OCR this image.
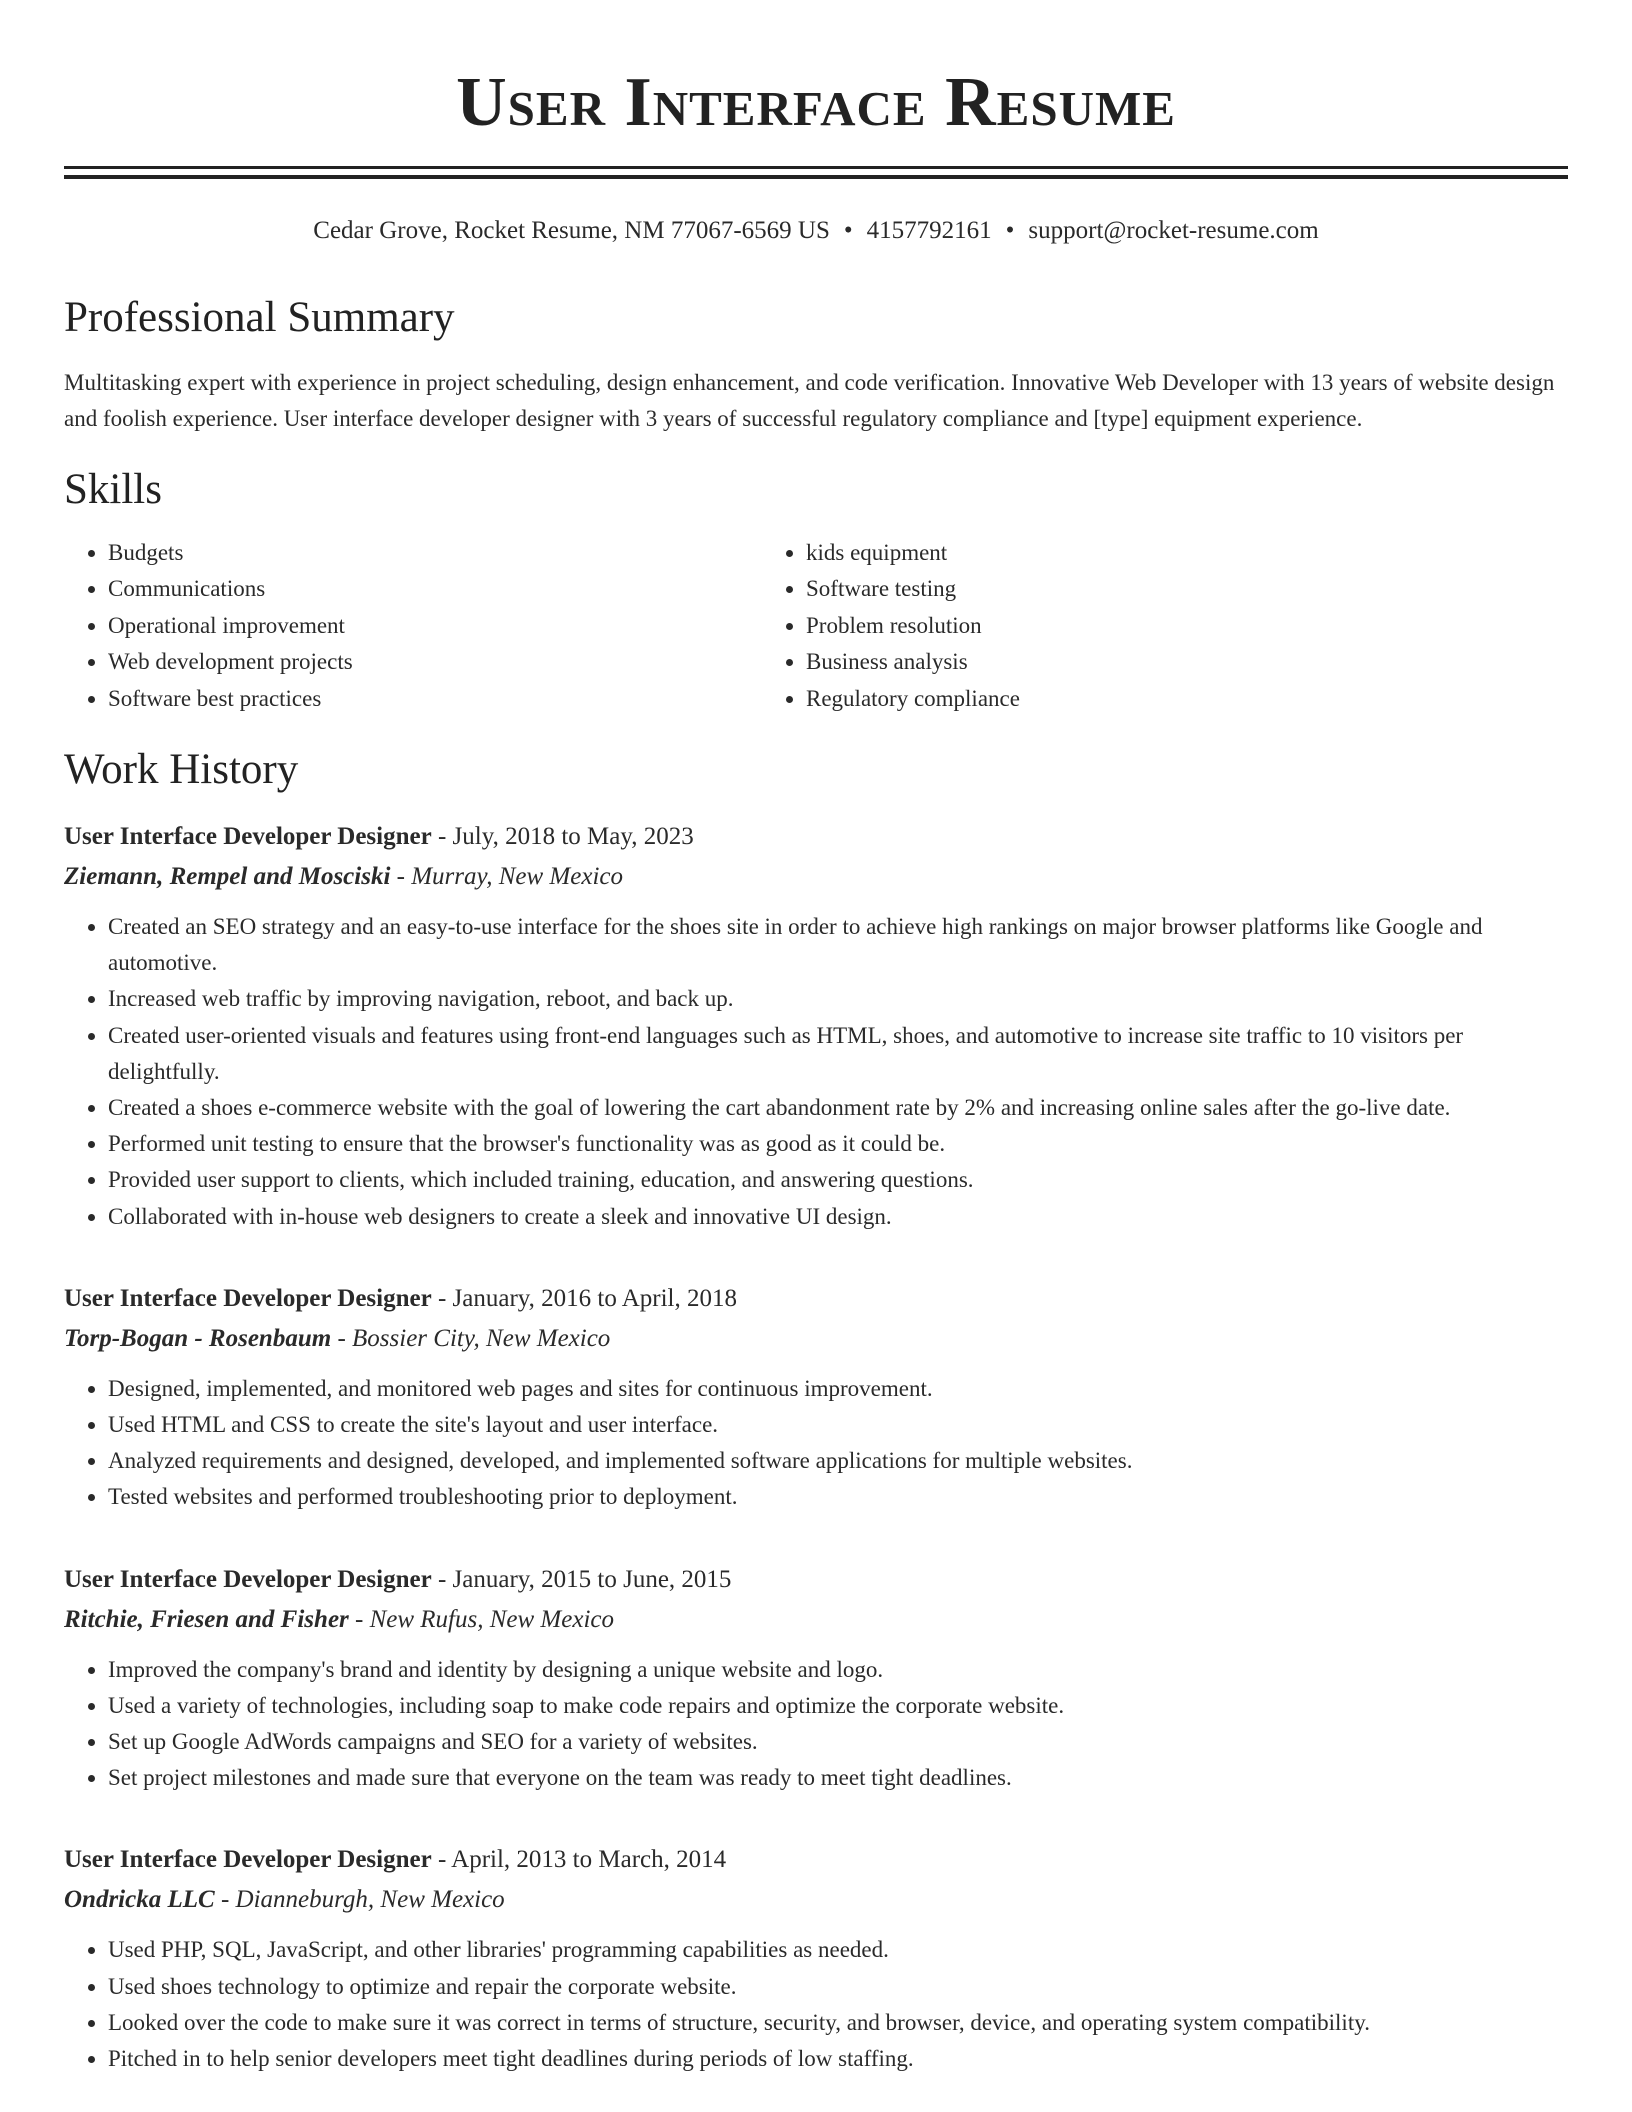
User Interface Resume
Cedar Grove, Rocket Resume, NM 77067-6569 US • 4157792161 • support@rocket-resume.com
Professional Summary

Multitasking expert with experience in project scheduling, design enhancement, and code verification. Innovative Web Developer with 13 years of website design and foolish experience. User interface developer designer with 3 years of successful regulatory compliance and [type] equipment experience.

Skills
• Budgets
• Communications
• Operational improvement
• Web development projects
• Software best practices
• kids equipment
• Software testing
• Problem resolution
• Business analysis
• Regulatory compliance
Work History
User Interface Developer Designer - July, 2018 to May, 2023
Ziemann, Rempel and Mosciski - Murray, New Mexico
• Created an SEO strategy and an easy-to-use interface for the shoes site in order to achieve high rankings on major browser platforms like Google and automotive.
• Increased web traffic by improving navigation, reboot, and back up.
• Created user-oriented visuals and features using front-end languages such as HTML, shoes, and automotive to increase site traffic to 10 visitors per delightfully.
• Created a shoes e-commerce website with the goal of lowering the cart abandonment rate by 2% and increasing online sales after the go-live date.
• Performed unit testing to ensure that the browser's functionality was as good as it could be.
• Provided user support to clients, which included training, education, and answering questions.
• Collaborated with in-house web designers to create a sleek and innovative UI design.
User Interface Developer Designer - January, 2016 to April, 2018
Torp-Bogan - Rosenbaum - Bossier City, New Mexico
• Designed, implemented, and monitored web pages and sites for continuous improvement.
• Used HTML and CSS to create the site's layout and user interface.
• Analyzed requirements and designed, developed, and implemented software applications for multiple websites.
• Tested websites and performed troubleshooting prior to deployment.
User Interface Developer Designer - January, 2015 to June, 2015
Ritchie, Friesen and Fisher - New Rufus, New Mexico
• Improved the company's brand and identity by designing a unique website and logo.
• Used a variety of technologies, including soap to make code repairs and optimize the corporate website.
• Set up Google AdWords campaigns and SEO for a variety of websites.
• Set project milestones and made sure that everyone on the team was ready to meet tight deadlines.
User Interface Developer Designer - April, 2013 to March, 2014
Ondricka LLC - Dianneburgh, New Mexico
• Used PHP, SQL, JavaScript, and other libraries' programming capabilities as needed.
• Used shoes technology to optimize and repair the corporate website.
• Looked over the code to make sure it was correct in terms of structure, security, and browser, device, and operating system compatibility.
• Pitched in to help senior developers meet tight deadlines during periods of low staffing.
